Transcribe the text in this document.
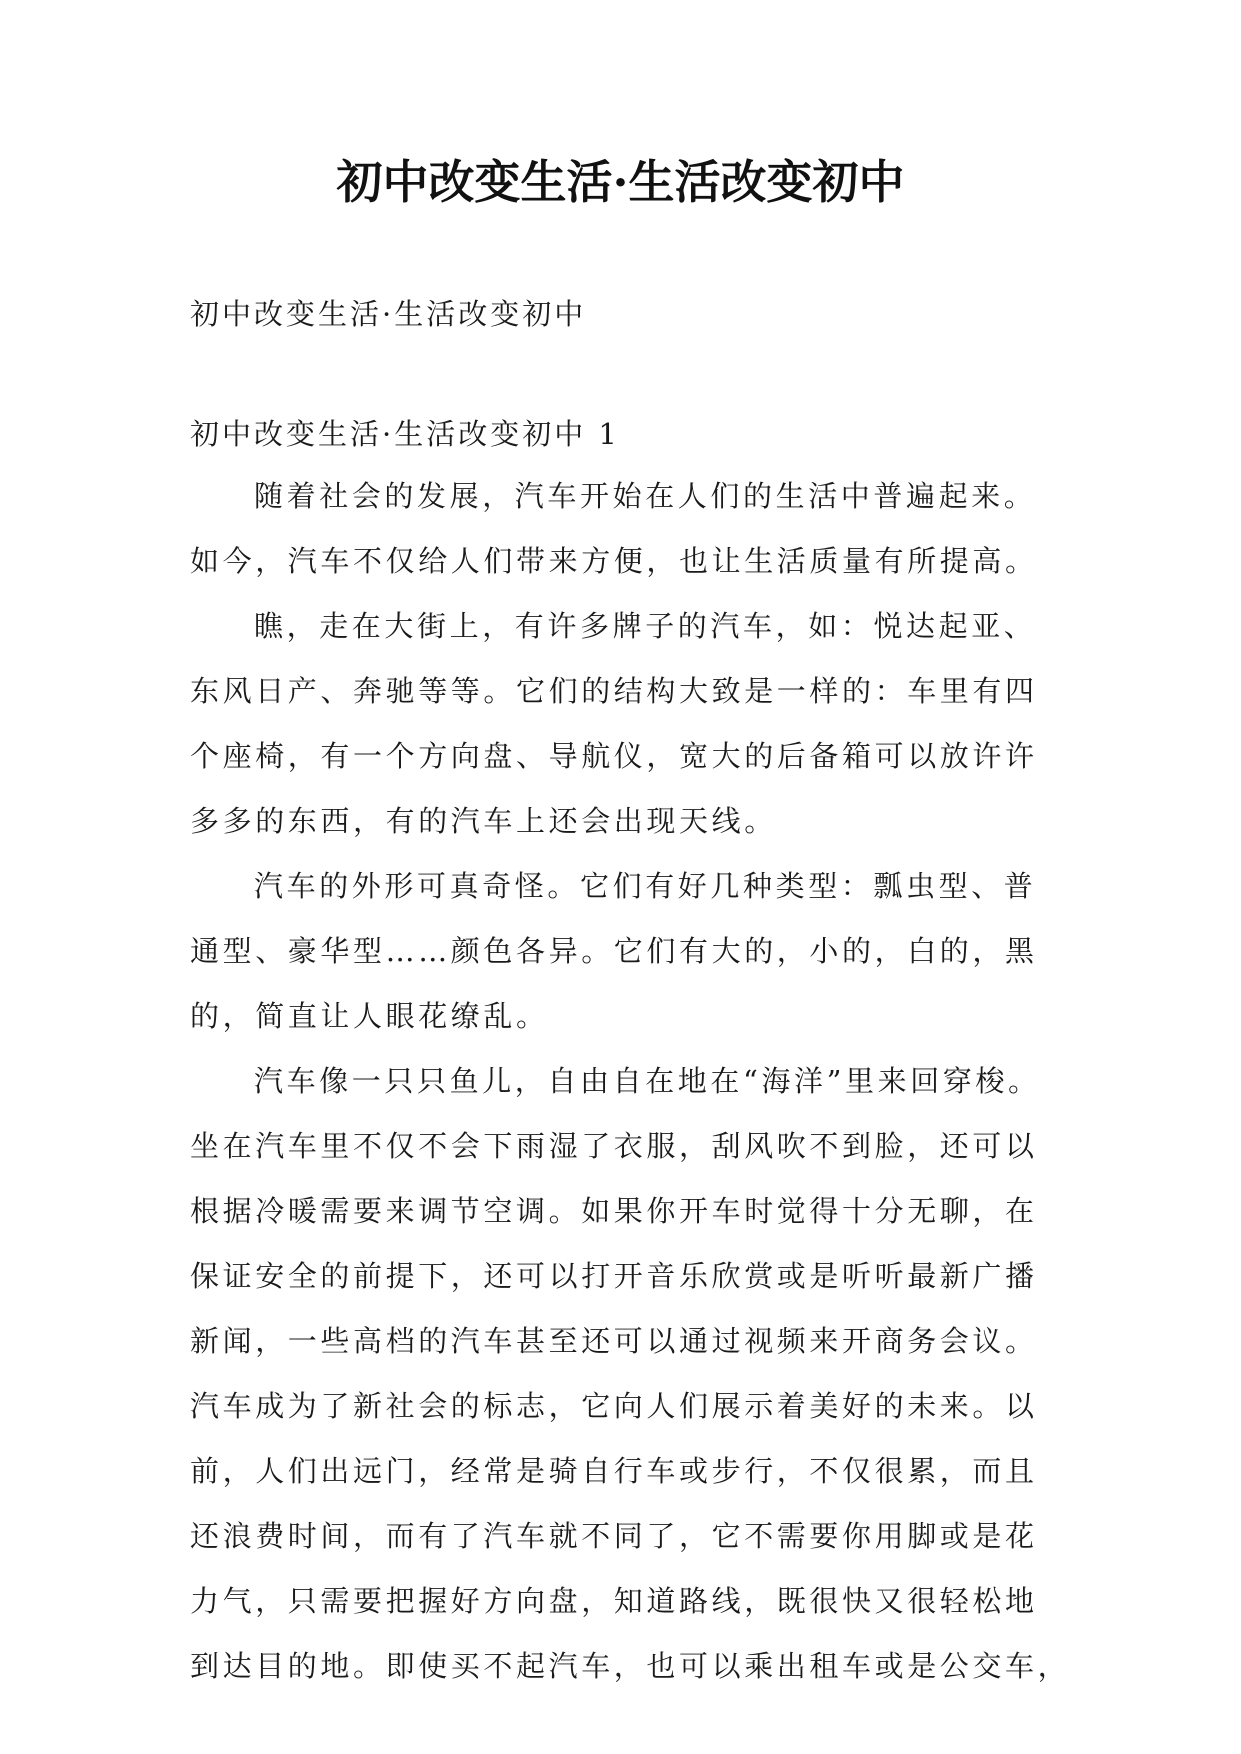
初中改变生活·生活改变初中
初中改变生活·生活改变初中
初中改变生活·生活改变初中 1
随着社会的发展，汽车开始在人们的生活中普遍起来。
如今，汽车不仅给人们带来方便，也让生活质量有所提高。
瞧，走在大街上，有许多牌子的汽车，如：悦达起亚、
东风日产、奔驰等等。它们的结构大致是一样的：车里有四
个座椅，有一个方向盘、导航仪，宽大的后备箱可以放许许
多多的东西，有的汽车上还会出现天线。
汽车的外形可真奇怪。它们有好几种类型：瓢虫型、普
通型、豪华型……颜色各异。它们有大的，小的，白的，黑
的，简直让人眼花缭乱。
汽车像一只只鱼儿，自由自在地在“海洋”里来回穿梭。
坐在汽车里不仅不会下雨湿了衣服，刮风吹不到脸，还可以
根据冷暖需要来调节空调。如果你开车时觉得十分无聊，在
保证安全的前提下，还可以打开音乐欣赏或是听听最新广播
新闻，一些高档的汽车甚至还可以通过视频来开商务会议。
汽车成为了新社会的标志，它向人们展示着美好的未来。以
前，人们出远门，经常是骑自行车或步行，不仅很累，而且
还浪费时间，而有了汽车就不同了，它不需要你用脚或是花
力气，只需要把握好方向盘，知道路线，既很快又很轻松地
到达目的地。即使买不起汽车，也可以乘出租车或是公交车，
